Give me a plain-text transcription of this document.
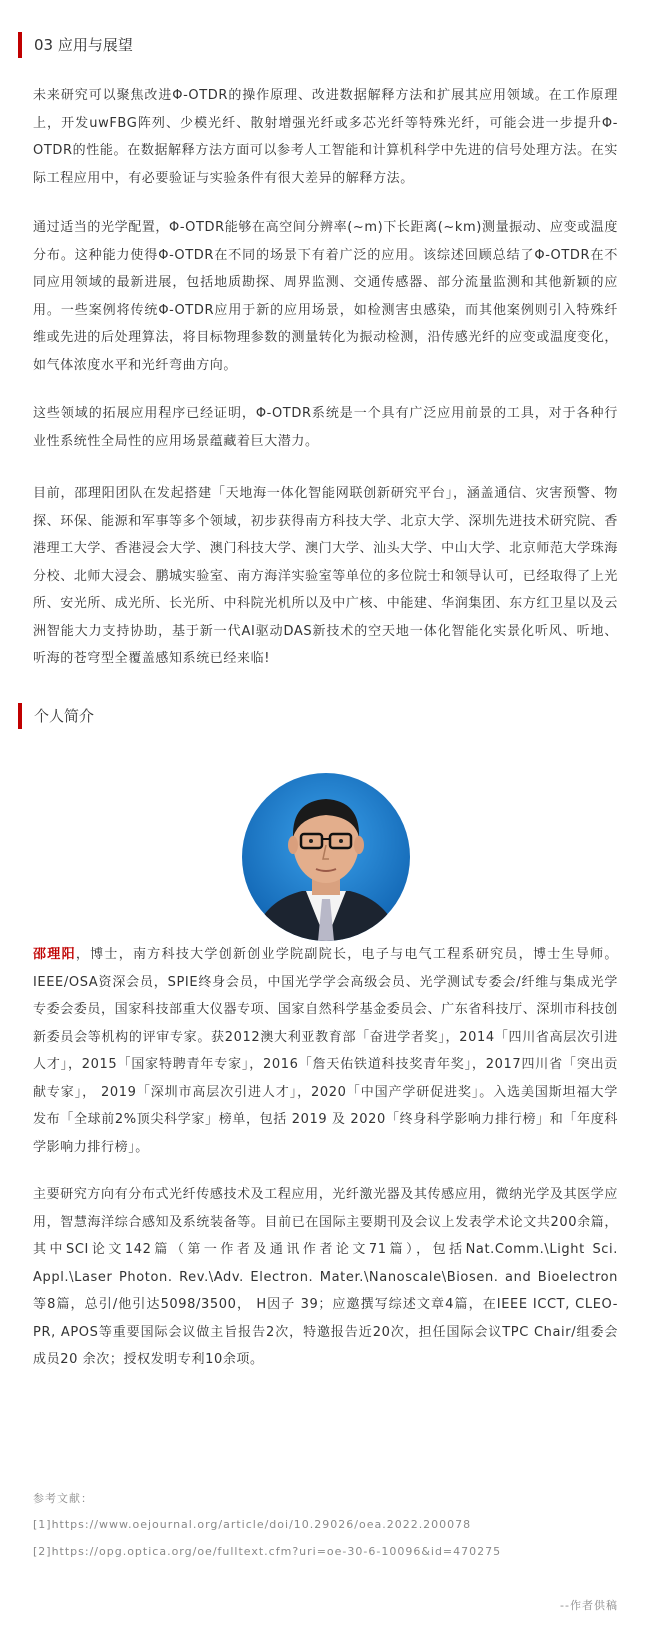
03 应用与展望

未来研究可以聚焦改进Φ-OTDR的操作原理、改进数据解释方法和扩展其应用领域。在工作原理上，开发uwFBG阵列、少模光纤、散射增强光纤或多芯光纤等特殊光纤，可能会进一步提升Φ-OTDR的性能。在数据解释方法方面可以参考人工智能和计算机科学中先进的信号处理方法。在实际工程应用中，有必要验证与实验条件有很大差异的解释方法。

通过适当的光学配置，Φ-OTDR能够在高空间分辨率(~m)下长距离(~km)测量振动、应变或温度分布。这种能力使得Φ-OTDR在不同的场景下有着广泛的应用。该综述回顾总结了Φ-OTDR在不同应用领域的最新进展，包括地质勘探、周界监测、交通传感器、部分流量监测和其他新颖的应用。一些案例将传统Φ-OTDR应用于新的应用场景，如检测害虫感染，而其他案例则引入特殊纤维或先进的后处理算法，将目标物理参数的测量转化为振动检测，沿传感光纤的应变或温度变化，如气体浓度水平和光纤弯曲方向。

这些领域的拓展应用程序已经证明，Φ-OTDR系统是一个具有广泛应用前景的工具，对于各种行业性系统性全局性的应用场景蕴藏着巨大潜力。

目前，邵理阳团队在发起搭建「天地海一体化智能网联创新研究平台」，涵盖通信、灾害预警、物探、环保、能源和军事等多个领域，初步获得南方科技大学、北京大学、深圳先进技术研究院、香港理工大学、香港浸会大学、澳门科技大学、澳门大学、汕头大学、中山大学、北京师范大学珠海分校、北师大浸会、鹏城实验室、南方海洋实验室等单位的多位院士和领导认可，已经取得了上光所、安光所、成光所、长光所、中科院光机所以及中广核、中能建、华润集团、东方红卫星以及云洲智能大力支持协助，基于新一代AI驱动DAS新技术的空天地一体化智能化实景化听风、听地、听海的苍穹型全覆盖感知系统已经来临!

个人简介

邵理阳，博士，南方科技大学创新创业学院副院长，电子与电气工程系研究员，博士生导师。IEEE/OSA资深会员，SPIE终身会员，中国光学学会高级会员、光学测试专委会/纤维与集成光学专委会委员，国家科技部重大仪器专项、国家自然科学基金委员会、广东省科技厅、深圳市科技创新委员会等机构的评审专家。获2012澳大利亚教育部「奋进学者奖」，2014「四川省高层次引进人才」，2015「国家特聘青年专家」，2016「詹天佑铁道科技奖青年奖」，2017四川省「突出贡献专家」， 2019「深圳市高层次引进人才」，2020「中国产学研促进奖」。入选美国斯坦福大学发布「全球前2%顶尖科学家」榜单，包括 2019 及 2020「终身科学影响力排行榜」和「年度科学影响力排行榜」。

主要研究方向有分布式光纤传感技术及工程应用，光纤激光器及其传感应用，微纳光学及其医学应用，智慧海洋综合感知及系统装备等。目前已在国际主要期刊及会议上发表学术论文共200余篇，其中SCI论文142篇（第一作者及通讯作者论文71篇），包括Nat.Comm.\Light Sci. Appl.\Laser Photon. Rev.\Adv. Electron. Mater.\Nanoscale\Biosen. and Bioelectron等8篇，总引/他引达5098/3500， H因子 39；应邀撰写综述文章4篇，在IEEE ICCT, CLEO-PR, APOS等重要国际会议做主旨报告2次，特邀报告近20次，担任国际会议TPC Chair/组委会成员20 余次；授权发明专利10余项。

参考文献：
[1]https://www.oejournal.org/article/doi/10.29026/oea.2022.200078
[2]https://opg.optica.org/oe/fulltext.cfm?uri=oe-30-6-10096&id=470275
--作者供稿
